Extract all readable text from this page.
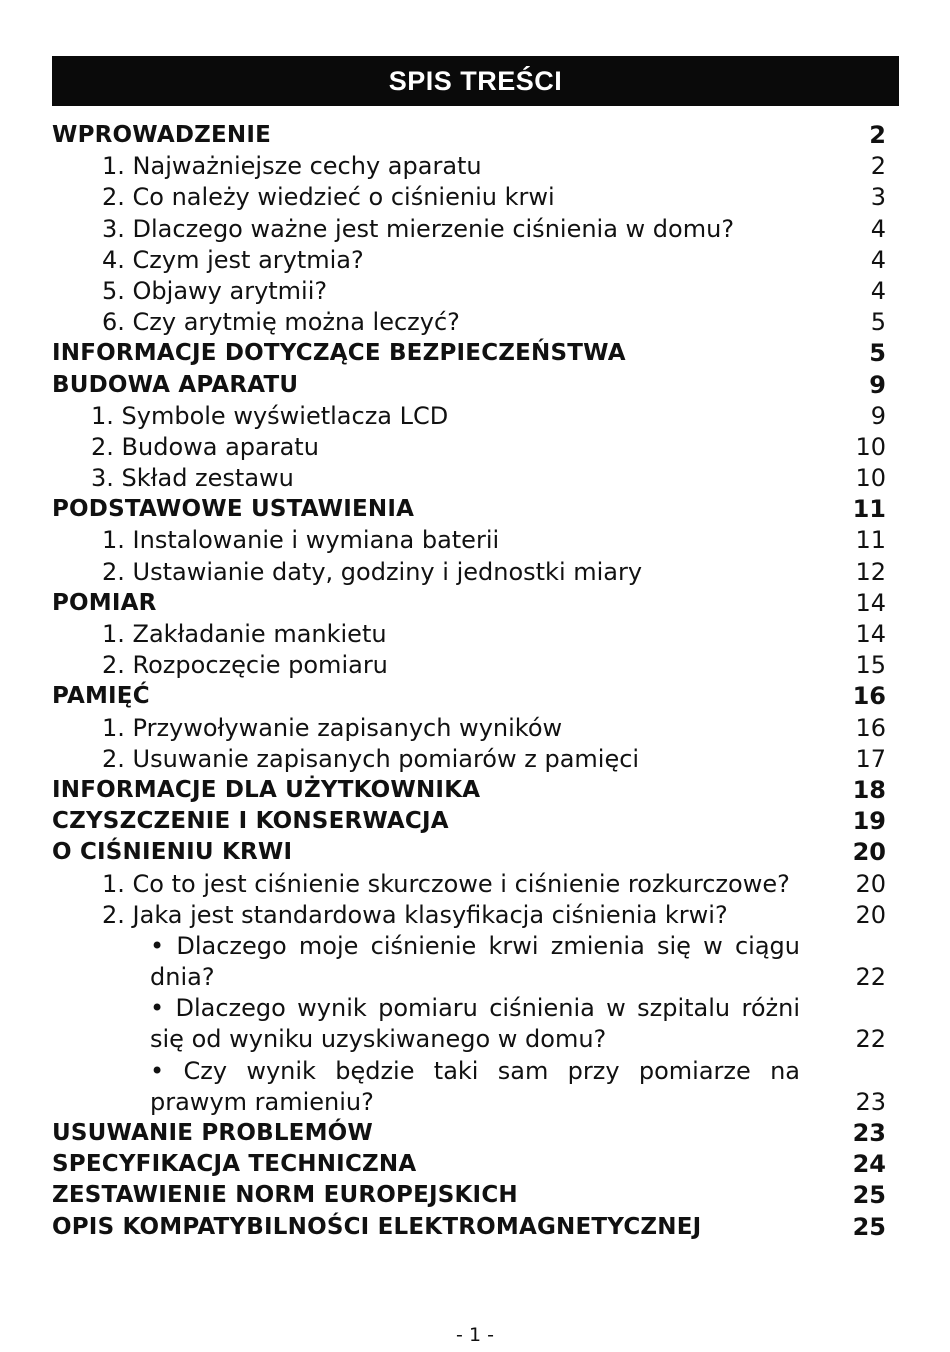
SPIS TREŚCI
WPROWADZENIE	2
1. Najważniejsze cechy aparatu	2
2. Co należy wiedzieć o ciśnieniu krwi	3
3. Dlaczego ważne jest mierzenie ciśnienia w domu?	4
4. Czym jest arytmia?	4
5. Objawy arytmii?	4
6. Czy arytmię można leczyć?	5
INFORMACJE DOTYCZĄCE BEZPIECZEŃSTWA	5
BUDOWA APARATU	9
1. Symbole wyświetlacza LCD	9
2. Budowa aparatu	10
3. Skład zestawu	10
PODSTAWOWE USTAWIENIA	11
1. Instalowanie i wymiana baterii	11
2. Ustawianie daty, godziny i jednostki miary	12
POMIAR	14
1. Zakładanie mankietu	14
2. Rozpoczęcie pomiaru	15
PAMIĘĆ	16
1. Przywoływanie zapisanych wyników	16
2. Usuwanie zapisanych pomiarów z pamięci	17
INFORMACJE DLA UŻYTKOWNIKA	18
CZYSZCZENIE I KONSERWACJA	19
O CIŚNIENIU KRWI	20
1. Co to jest ciśnienie skurczowe i ciśnienie rozkurczowe?	20
2. Jaka jest standardowa klasyfikacja ciśnienia krwi?	20
• Dlaczego moje ciśnienie krwi zmienia się w ciągu dnia?	22
• Dlaczego wynik pomiaru ciśnienia w szpitalu różni się od wyniku uzyskiwanego w domu?	22
• Czy wynik będzie taki sam przy pomiarze na prawym ramieniu?	23
USUWANIE PROBLEMÓW	23
SPECYFIKACJA TECHNICZNA	24
ZESTAWIENIE NORM EUROPEJSKICH	25
OPIS KOMPATYBILNOŚCI ELEKTROMAGNETYCZNEJ	25
- 1 -
